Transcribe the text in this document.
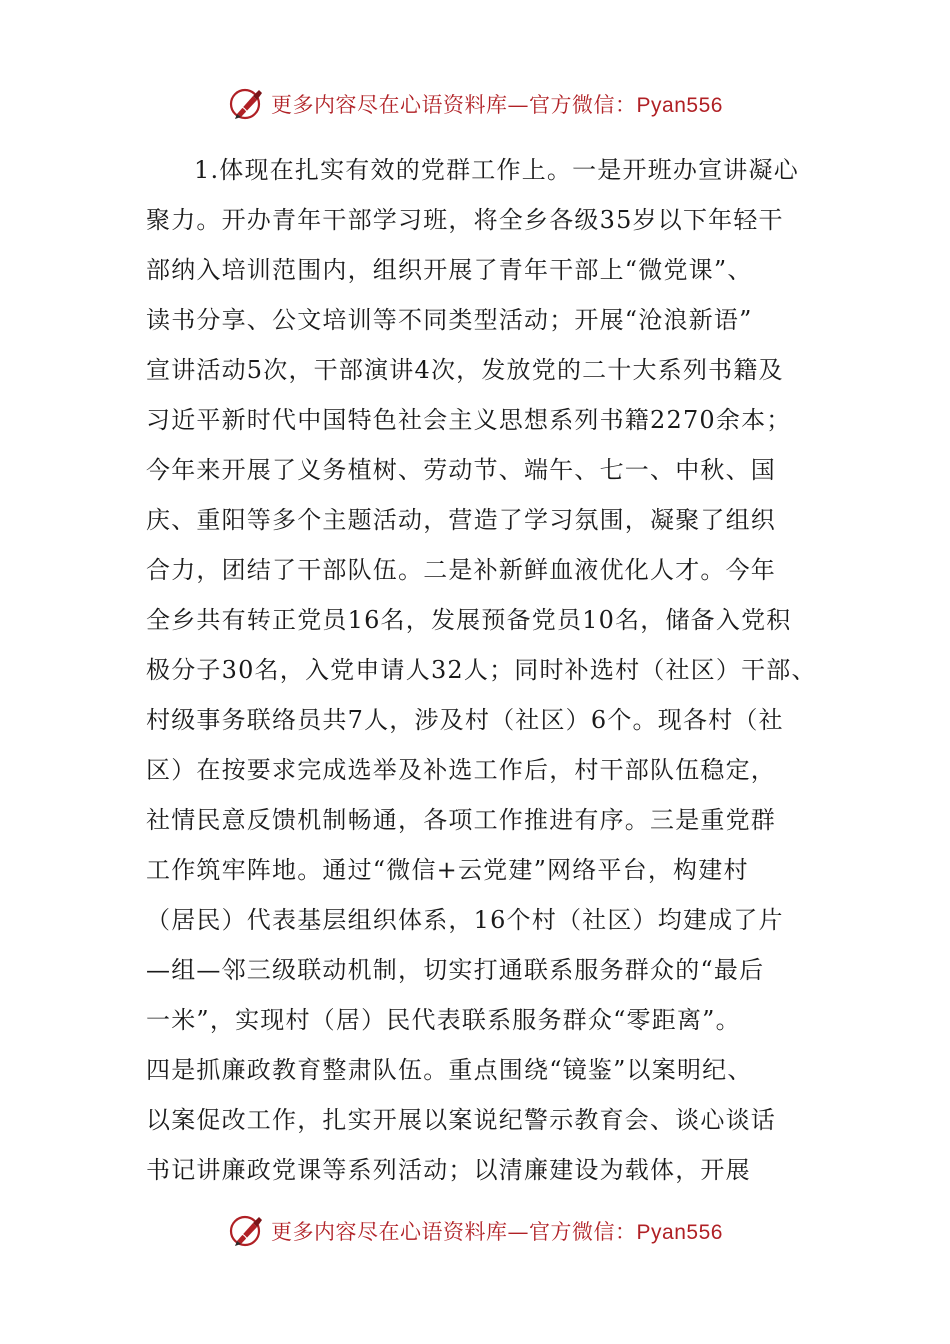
更多内容尽在心语资料库—官方微信：Pyan556
1.体现在扎实有效的党群工作上。一是开班办宣讲凝心
聚力。开办青年干部学习班，将全乡各级35岁以下年轻干
部纳入培训范围内，组织开展了青年干部上“微党课”、
读书分享、公文培训等不同类型活动；开展“沧浪新语”
宣讲活动5次，干部演讲4次，发放党的二十大系列书籍及
习近平新时代中国特色社会主义思想系列书籍2270余本；
今年来开展了义务植树、劳动节、端午、七一、中秋、国
庆、重阳等多个主题活动，营造了学习氛围，凝聚了组织
合力，团结了干部队伍。二是补新鲜血液优化人才。今年
全乡共有转正党员16名，发展预备党员10名，储备入党积
极分子30名，入党申请人32人；同时补选村（社区）干部、
村级事务联络员共7人，涉及村（社区）6个。现各村（社
区）在按要求完成选举及补选工作后，村干部队伍稳定，
社情民意反馈机制畅通，各项工作推进有序。三是重党群
工作筑牢阵地。通过“微信+云党建”网络平台，构建村
（居民）代表基层组织体系，16个村（社区）均建成了片
—组—邻三级联动机制，切实打通联系服务群众的“最后
一米”，实现村（居）民代表联系服务群众“零距离”。
四是抓廉政教育整肃队伍。重点围绕“镜鉴”以案明纪、
以案促改工作，扎实开展以案说纪警示教育会、谈心谈话
书记讲廉政党课等系列活动；以清廉建设为载体，开展
更多内容尽在心语资料库—官方微信：Pyan556
